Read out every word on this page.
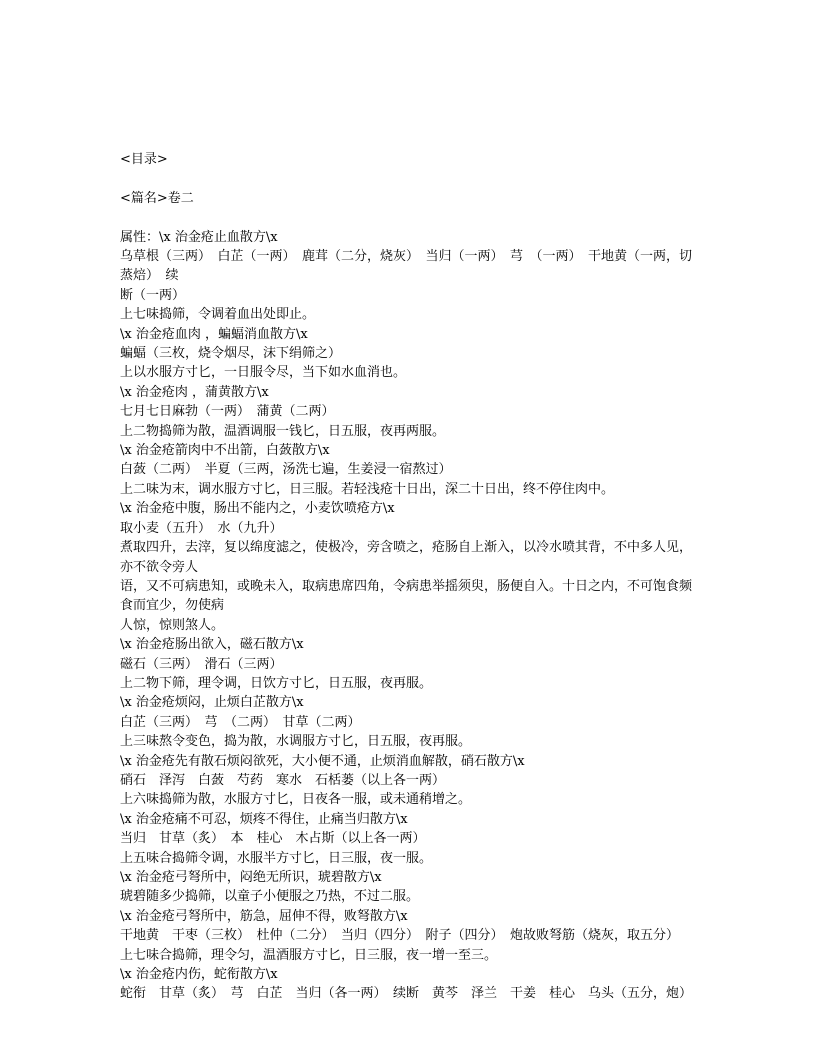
<目录>

<篇名>卷二

属性：\x 治金疮止血散方\x

乌草根（三两）　白芷（一两）　鹿茸（二分，烧灰）　当归（一两）　芎　（一两）　干地黄（一两，切蒸焙）　续

断（一两）

上七味捣筛，令调着血出处即止。

\x 治金疮血肉 ，蝙蝠消血散方\x

蝙蝠（三枚，烧令烟尽，沫下绢筛之）

上以水服方寸匕，一日服令尽，当下如水血消也。

\x 治金疮肉 ，蒲黄散方\x

七月七日麻勃（一两）　蒲黄（二两）

上二物捣筛为散，温酒调服一钱匕，日五服，夜再两服。

\x 治金疮箭肉中不出箭，白蔹散方\x

白蔹（二两）　半夏（三两，汤洗七遍，生姜浸一宿熬过）

上二味为末，调水服方寸匕，日三服。若轻浅疮十日出，深二十日出，终不停住肉中。

\x 治金疮中腹，肠出不能内之，小麦饮喷疮方\x

取小麦（五升）　水（九升）

煮取四升，去滓，复以绵度滤之，使极冷，旁含喷之，疮肠自上渐入，以冷水喷其背，不中多人见，亦不欲令旁人

语，又不可病患知，或晚未入，取病患席四角，令病患举摇须臾，肠便自入。十日之内，不可饱食频食而宜少，勿使病

人惊，惊则煞人。

\x 治金疮肠出欲入，磁石散方\x

磁石（三两）　滑石（三两）

上二物下筛，理令调，日饮方寸匕，日五服，夜再服。

\x 治金疮烦闷，止烦白芷散方\x

白芷（三两）　芎　（二两）　甘草（二两）

上三味熬令变色，捣为散，水调服方寸匕，日五服，夜再服。

\x 治金疮先有散石烦闷欲死，大小便不通，止烦消血解散，硝石散方\x

硝石　泽泻　白蔹　芍药　寒水　石栝蒌（以上各一两）

上六味捣筛为散，水服方寸匕，日夜各一服，或未通稍增之。

\x 治金疮痛不可忍，烦疼不得住，止痛当归散方\x

当归　甘草（炙）　本　桂心　木占斯（以上各一两）

上五味合捣筛令调，水服半方寸匕，日三服，夜一服。

\x 治金疮弓弩所中，闷绝无所识，琥碧散方\x

琥碧随多少捣筛，以童子小便服之乃热，不过二服。

\x 治金疮弓弩所中，筋急，屈伸不得，败弩散方\x

干地黄　干枣（三枚）　杜仲（二分）　当归（四分）　附子（四分）　炮故败弩筋（烧灰，取五分）

上七味合捣筛，理令匀，温酒服方寸匕，日三服，夜一增一至三。

\x 治金疮内伤，蛇衔散方\x

蛇衔　甘草（炙）　芎　白芷　当归（各一两）　续断　黄芩　泽兰　干姜　桂心　乌头（五分，炮）
